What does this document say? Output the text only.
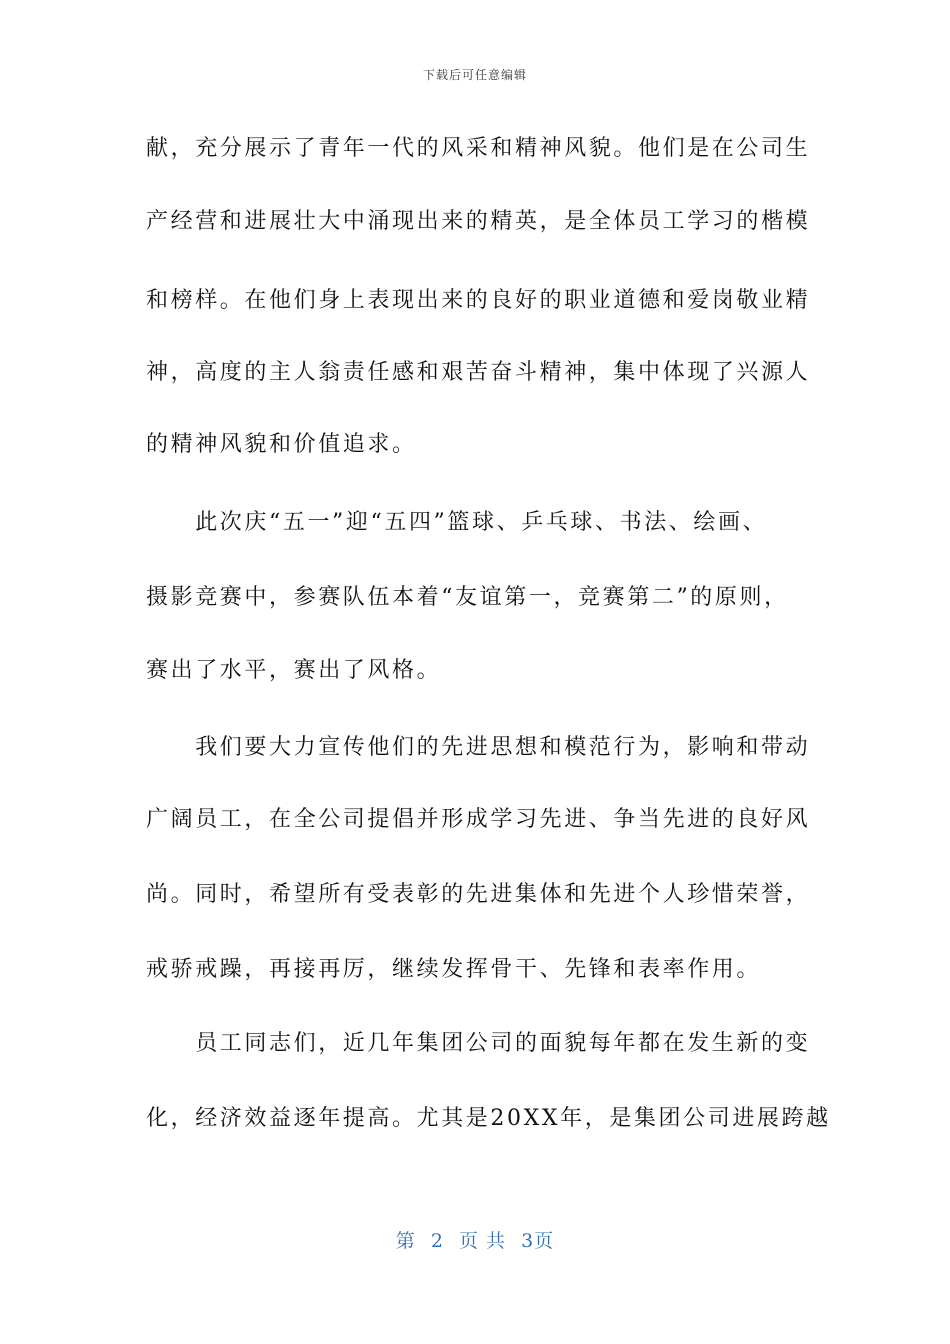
下载后可任意编辑
献，充分展示了青年一代的风采和精神风貌。他们是在公司生
产经营和进展壮大中涌现出来的精英，是全体员工学习的楷模
和榜样。在他们身上表现出来的良好的职业道德和爱岗敬业精
神，高度的主人翁责任感和艰苦奋斗精神，集中体现了兴源人
的精神风貌和价值追求。
　　此次庆“五一”迎“五四”篮球、乒乓球、书法、绘画、
摄影竞赛中，参赛队伍本着“友谊第一，竞赛第二”的原则，
赛出了水平，赛出了风格。
　　我们要大力宣传他们的先进思想和模范行为，影响和带动
广阔员工，在全公司提倡并形成学习先进、争当先进的良好风
尚。同时，希望所有受表彰的先进集体和先进个人珍惜荣誉，
戒骄戒躁，再接再厉，继续发挥骨干、先锋和表率作用。
　　员工同志们，近几年集团公司的面貌每年都在发生新的变
化，经济效益逐年提高。尤其是20XX年，是集团公司进展跨越
第 2 页 共 3页
